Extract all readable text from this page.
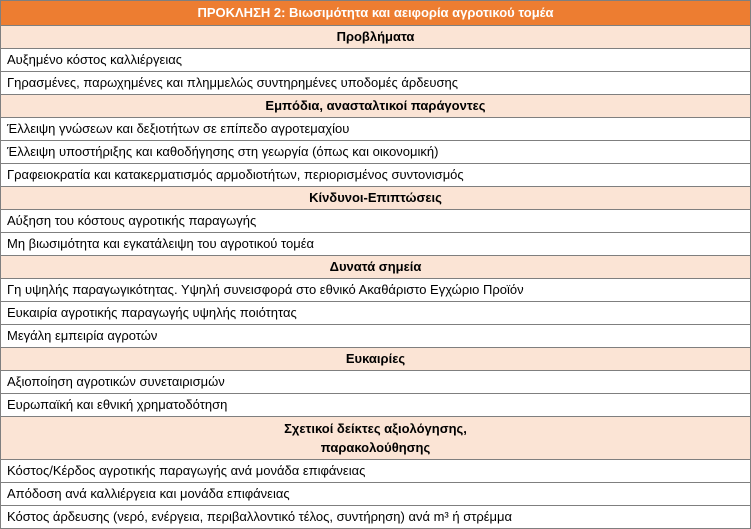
ΠΡΟΚΛΗΣΗ 2: Βιωσιμότητα και αειφορία αγροτικού τομέα
Προβλήματα
Αυξημένο κόστος καλλιέργειας
Γηρασμένες, παρωχημένες και πλημμελώς συντηρημένες υποδομές άρδευσης
Εμπόδια, ανασταλτικοί παράγοντες
Έλλειψη γνώσεων και δεξιοτήτων σε επίπεδο αγροτεμαχίου
Έλλειψη υποστήριξης και καθοδήγησης στη γεωργία (όπως και οικονομική)
Γραφειοκρατία και κατακερματισμός αρμοδιοτήτων, περιορισμένος συντονισμός
Κίνδυνοι-Επιπτώσεις
Αύξηση του κόστους αγροτικής παραγωγής
Μη βιωσιμότητα και εγκατάλειψη του αγροτικού τομέα
Δυνατά σημεία
Γη υψηλής παραγωγικότητας. Υψηλή συνεισφορά στο εθνικό Ακαθάριστο Εγχώριο Προϊόν
Ευκαιρία αγροτικής παραγωγής υψηλής ποιότητας
Μεγάλη εμπειρία αγροτών
Ευκαιρίες
Αξιοποίηση αγροτικών συνεταιρισμών
Ευρωπαϊκή και εθνική χρηματοδότηση

Σχετικοί δείκτες αξιολόγησης,
παρακολούθησης

Κόστος/Κέρδος αγροτικής παραγωγής ανά μονάδα επιφάνειας
Απόδοση ανά καλλιέργεια και μονάδα επιφάνειας
Κόστος άρδευσης (νερό, ενέργεια, περιβαλλοντικό τέλος, συντήρηση) ανά m³ ή στρέμμα
